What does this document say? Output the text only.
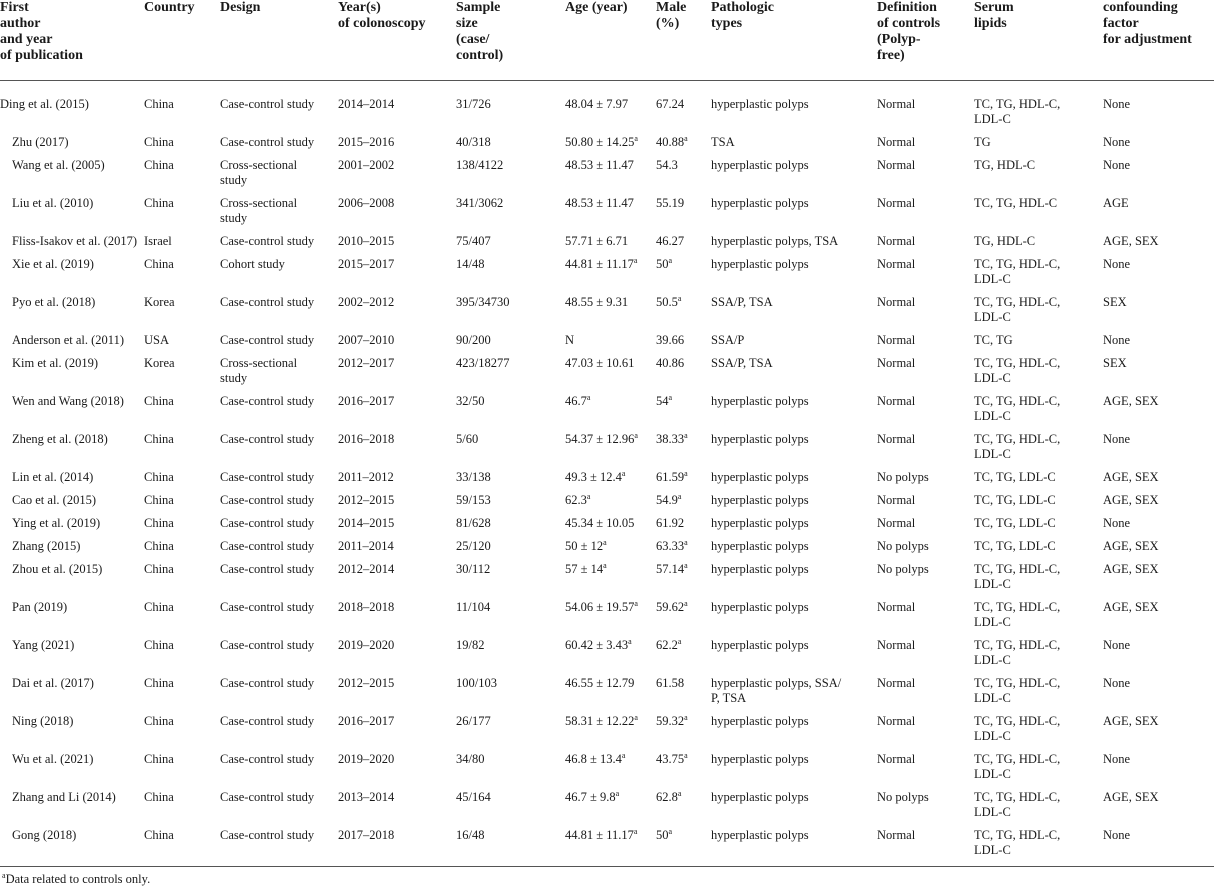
First
author
and year
of publication	Country	Design	Year(s)
of colonoscopy	Sample
size
(case/
control)	Age (year)	Male
(%)	Pathologic
types	Definition
of controls
(Polyp-
free)	Serum
lipids	confounding
factor
for adjustment

Ding et al. (2015)	China	Case-control study	2014–2014	31/726	48.04 ± 7.97	67.24	hyperplastic polyps	Normal	TC, TG, HDL-C,
LDL-C	None
Zhu (2017)	China	Case-control study	2015–2016	40/318	50.80 ± 14.25$^a$	40.88$^a$	TSA	Normal	TG	None
Wang et al. (2005)	China	Cross-sectional
study	2001–2002	138/4122	48.53 ± 11.47	54.3	hyperplastic polyps	Normal	TG, HDL-C	None
Liu et al. (2010)	China	Cross-sectional
study	2006–2008	341/3062	48.53 ± 11.47	55.19	hyperplastic polyps	Normal	TC, TG, HDL-C	AGE
Fliss-Isakov et al. (2017)	Israel	Case-control study	2010–2015	75/407	57.71 ± 6.71	46.27	hyperplastic polyps, TSA	Normal	TG, HDL-C	AGE, SEX
Xie et al. (2019)	China	Cohort study	2015–2017	14/48	44.81 ± 11.17$^a$	50$^a$	hyperplastic polyps	Normal	TC, TG, HDL-C,
LDL-C	None
Pyo et al. (2018)	Korea	Case-control study	2002–2012	395/34730	48.55 ± 9.31	50.5$^a$	SSA/P, TSA	Normal	TC, TG, HDL-C,
LDL-C	SEX
Anderson et al. (2011)	USA	Case-control study	2007–2010	90/200	N	39.66	SSA/P	Normal	TC, TG	None
Kim et al. (2019)	Korea	Cross-sectional
study	2012–2017	423/18277	47.03 ± 10.61	40.86	SSA/P, TSA	Normal	TC, TG, HDL-C,
LDL-C	SEX
Wen and Wang (2018)	China	Case-control study	2016–2017	32/50	46.7$^a$	54$^a$	hyperplastic polyps	Normal	TC, TG, HDL-C,
LDL-C	AGE, SEX
Zheng et al. (2018)	China	Case-control study	2016–2018	5/60	54.37 ± 12.96$^a$	38.33$^a$	hyperplastic polyps	Normal	TC, TG, HDL-C,
LDL-C	None
Lin et al. (2014)	China	Case-control study	2011–2012	33/138	49.3 ± 12.4$^a$	61.59$^a$	hyperplastic polyps	No polyps	TC, TG, LDL-C	AGE, SEX
Cao et al. (2015)	China	Case-control study	2012–2015	59/153	62.3$^a$	54.9$^a$	hyperplastic polyps	Normal	TC, TG, LDL-C	AGE, SEX
Ying et al. (2019)	China	Case-control study	2014–2015	81/628	45.34 ± 10.05	61.92	hyperplastic polyps	Normal	TC, TG, LDL-C	None
Zhang (2015)	China	Case-control study	2011–2014	25/120	$50 \pm 12^a$	63.33$^a$	hyperplastic polyps	No polyps	TC, TG, LDL-C	AGE, SEX
Zhou et al. (2015)	China	Case-control study	2012–2014	30/112	$57 \pm 14^a$	57.14$^a$	hyperplastic polyps	No polyps	TC, TG, HDL-C,
LDL-C	AGE, SEX
Pan (2019)	China	Case-control study	2018–2018	11/104	54.06 ± 19.57$^a$	59.62$^a$	hyperplastic polyps	Normal	TC, TG, HDL-C,
LDL-C	AGE, SEX
Yang (2021)	China	Case-control study	2019–2020	19/82	60.42 ± 3.43$^a$	62.2$^a$	hyperplastic polyps	Normal	TC, TG, HDL-C,
LDL-C	None
Dai et al. (2017)	China	Case-control study	2012–2015	100/103	46.55 ± 12.79	61.58	hyperplastic polyps, SSA/
P, TSA	Normal	TC, TG, HDL-C,
LDL-C	None
Ning (2018)	China	Case-control study	2016–2017	26/177	58.31 ± 12.22$^a$	59.32$^a$	hyperplastic polyps	Normal	TC, TG, HDL-C,
LDL-C	AGE, SEX
Wu et al. (2021)	China	Case-control study	2019–2020	34/80	46.8 ± 13.4$^a$	43.75$^a$	hyperplastic polyps	Normal	TC, TG, HDL-C,
LDL-C	None
Zhang and Li (2014)	China	Case-control study	2013–2014	45/164	46.7 ± 9.8$^a$	62.8$^a$	hyperplastic polyps	No polyps	TC, TG, HDL-C,
LDL-C	AGE, SEX
Gong (2018)	China	Case-control study	2017–2018	16/48	44.81 ± 11.17$^a$	50$^a$	hyperplastic polyps	Normal	TC, TG, HDL-C,
LDL-C	None
$^a$Data related to controls only.
